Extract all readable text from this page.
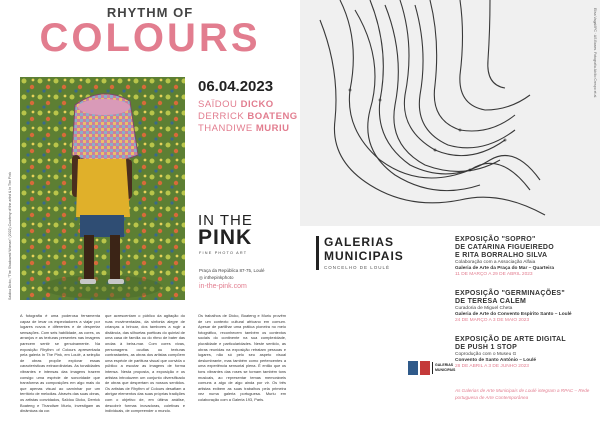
RHYTHM OF
COLOURS
Saidou Dicko, "The Shadowed Woman" (2022) Courtesy of the artist & In The Pink
06.04.2023
SAÏDOU DICKO
DERRICK BOATENG
THANDIWE MURIU
IN THE
PINK
FINE PHOTO ART
Praça da República 87-75, Loulé
◎ inthepinkphoto
in-the-pink.com
A fotografia é uma poderosa ferramenta capaz de levar os espectadores a viajar por lugares novos e diferentes e de despertar sensações. Com seis habilidade, as cores, os arranjos e as texturas presentes nas imagens parecem sentir se genuinamente. Na exposição Rhythm of Colours apresentada pela galeria In The Pink, em Loulé, a seleção de obras propõe explorar essas características extraordinárias. As tonalidades vibrantes e intensas das imagens trazem consigo uma espécie de sonoridade que transforma as composições em algo mais do que apenas visual ao caminhar por um território de melodias. Através das suas obras, os artistas convidados, Saïdou Dicko, Derrick Boateng e Thandiwe Muriu, investigam as dinâmicas da cor.
que acrescentam o público da agitação do ruas movimentadas, da sinfonia alegre de crianças a brincar, dos tambores a rugir a distância, das silhuetas poéticas do quintal de uma casa de família ou do ritmo de bater das ondas à beira-mar. Com cores vivas, personagens ocultas ou texturas contrastantes, as obras dos artistas compõem uma espécie de partitura visual que convida o público a escutar as imagens de forma intensa. Nesta proposta, a exposição e os artistas introduzem um conjunto diversificado de obras que despertam os nossos sentidos. Os artistas de Rhythm of Colours desafiam a abrigar elementos das suas próprias tradições com o objetivo de, em última análise, descobrir formas inovadoras, coletivas e individuais, de compreender o mundo.
Os trabalhos de Dicko, Boateng e Muriu provêm de um contexto cultural africano em comum. Apesar de partilhar uma prática pioneira no meio fotográfico, reconhecem também os contextos sociais do continente na sua complexidade, pluralidade e particularidades. Neste sentido, as obras reunidas na exposição retratam pessoas e lugares, não só pelo seu aspeto visual deslumbrante, mas também como pertencentes a uma experiência sensorial plena. É então que os tons vibrantes das roses se tornam também tons musicais, ao representar temas memoráveis comuns a algo de algo ainda por vir. Os três artistas exibem as suas trabalhos pela primeira vez numa galeria portuguesa. Muriu em colaboração com a Galeria 193, Paris.
Elisa Vagal/IFC · AS Bases. Fotografia Abílio Crespo et al.
GALERIAS
MUNICIPAIS
CONCELHO DE LOULÉ
EXPOSIÇÃO "SOPRO"
DE CATARINA FIGUEIREDO
E RITA BORRALHO SILVA
Colaboração com a Associação Alfaia
Galeria de Arte da Praça do Mar – Quarteira
11 DE MARÇO A 29 DE ABRIL 2023
EXPOSIÇÃO "GERMINAÇÕES"
DE TERESA CALEM
Curadoria de Miguel Cheta
Galeria de Arte do Convento Espírito Santo – Loulé
24 DE MARÇO A 3 DE MAIO 2023
EXPOSIÇÃO DE ARTE DIGITAL
DE PUSH 1 STOP
Coprodução com o Museu G
Convento de Santo António – Loulé
28 DE ABRIL A 3 DE JUNHO 2023
GALERIAS MUNICIPAIS
As Galerias de Arte Municipais de Loulé integram a RPAC – Rede portuguesa de Arte Contemporânea
